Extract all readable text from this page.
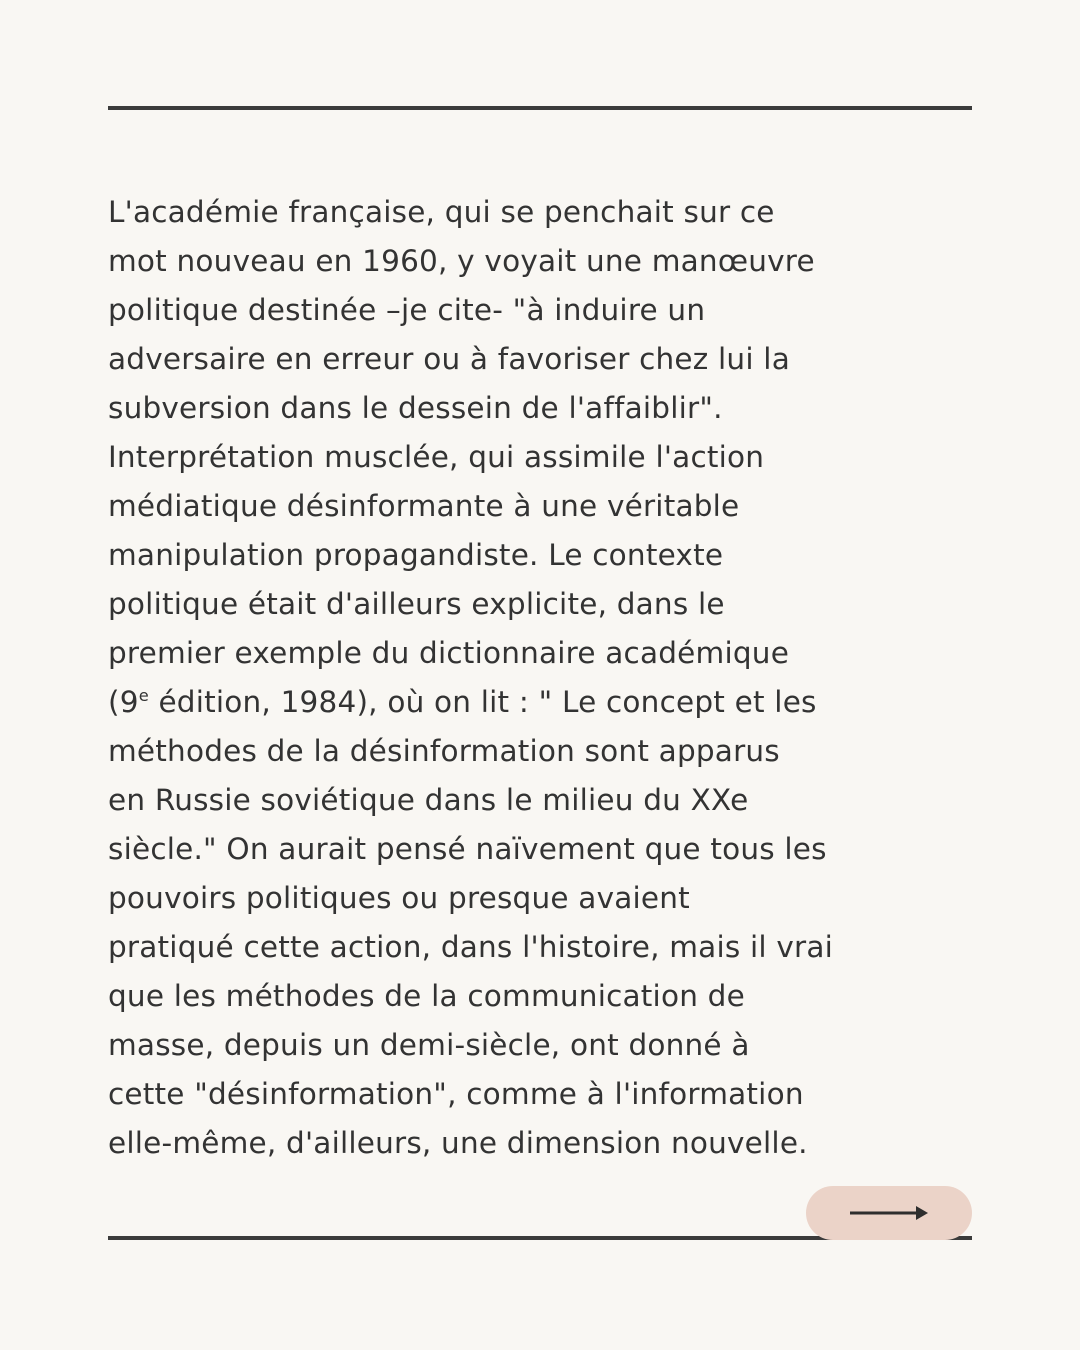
L'académie française, qui se penchait sur ce
mot nouveau en 1960, y voyait une manœuvre
politique destinée –je cite- "à induire un
adversaire en erreur ou à favoriser chez lui la
subversion dans le dessein de l'affaiblir".
Interprétation musclée, qui assimile l'action
médiatique désinformante à une véritable
manipulation propagandiste. Le contexte
politique était d'ailleurs explicite, dans le
premier exemple du dictionnaire académique
(9e édition, 1984), où on lit : " Le concept et les
méthodes de la désinformation sont apparus
en Russie soviétique dans le milieu du XXe
siècle." On aurait pensé naïvement que tous les
pouvoirs politiques ou presque avaient
pratiqué cette action, dans l'histoire, mais il vrai
que les méthodes de la communication de
masse, depuis un demi-siècle, ont donné à
cette "désinformation", comme à l'information
elle-même, d'ailleurs, une dimension nouvelle.
